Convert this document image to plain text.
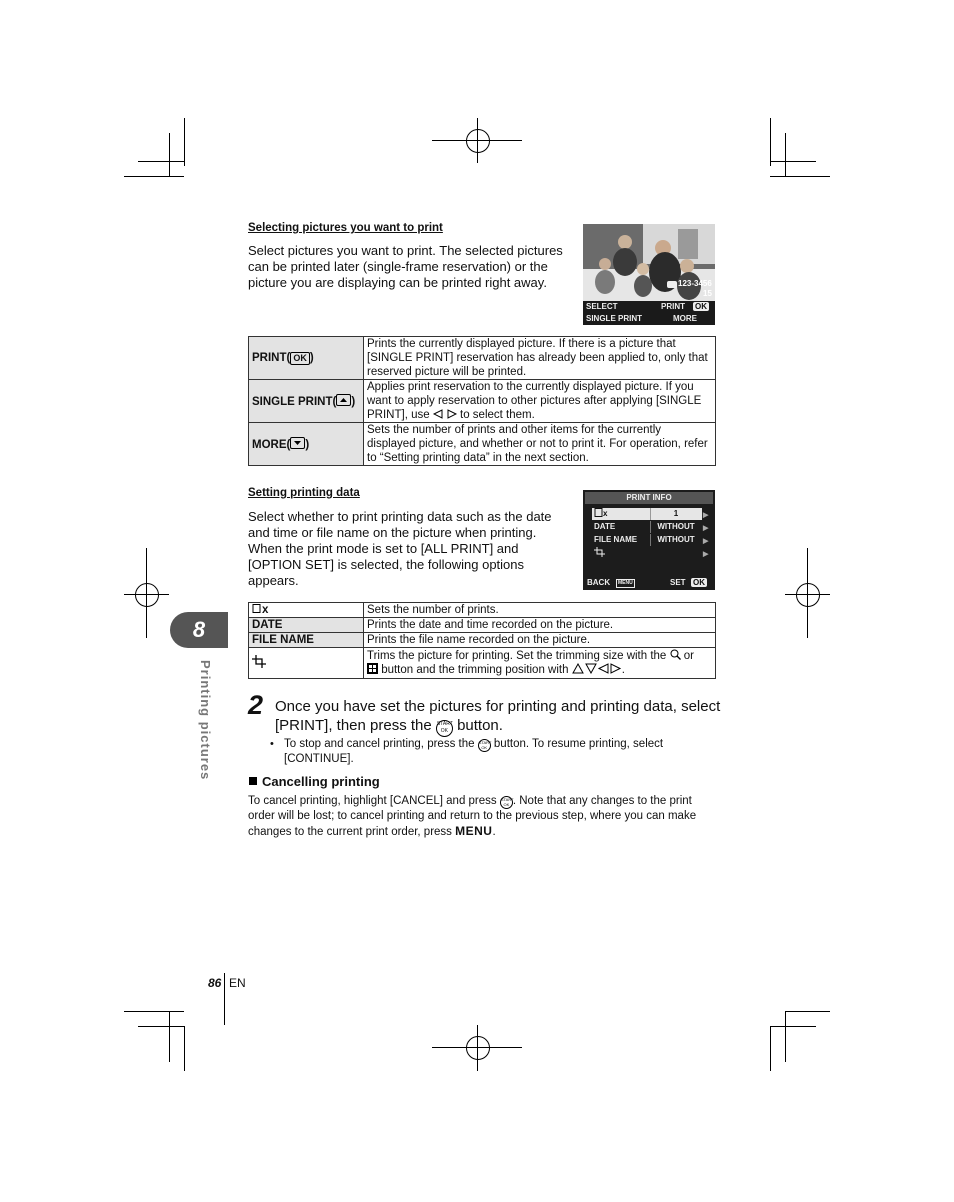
Selecting pictures you want to print
Select pictures you want to print. The selected pictures can be printed later (single-frame reservation) or the picture you are displaying can be printed right away.	123-3456
15
SELECT	PRINT OK
SINGLE PRINT	MORE
PRINT( OK )	Prints the currently displayed picture. If there is a picture that [SINGLE PRINT] reservation has already been applied to, only that reserved picture will be printed.
SINGLE PRINT( )	Applies print reservation to the currently displayed picture. If you want to apply reservation to other pictures after applying [SINGLE PRINT], use  to select them.
MORE( )	Sets the number of prints and other items for the currently displayed picture, and whether or not to print it. For operation, refer to “Setting printing data” in the next section.
Setting printing data
Select whether to print printing data such as the date and time or file name on the picture when printing. When the print mode is set to [ALL PRINT] and [OPTION SET] is selected, the following options appears.
PRINT INFO
x	1
DATE	WITHOUT
FILE NAME	WITHOUT
▶
▶
▶
▶
BACK	MENU	SET OK
x	Sets the number of prints.
DATE	Prints the date and time recorded on the picture.
FILE NAME	Prints the file name recorded on the picture.
	Trims the picture for printing. Set the trimming size with the  or
button and the trimming position with .
2 Once you have set the pictures for printing and printing data, select [PRINT], then press the START OK button.
• To stop and cancel printing, press the START OK button. To resume printing, select [CONTINUE].
Cancelling printing
To cancel printing, highlight [CANCEL] and press START OK . Note that any changes to the print order will be lost; to cancel printing and return to the previous step, where you can make changes to the current print order, press MENU.
8
Printing pictures
86 EN
